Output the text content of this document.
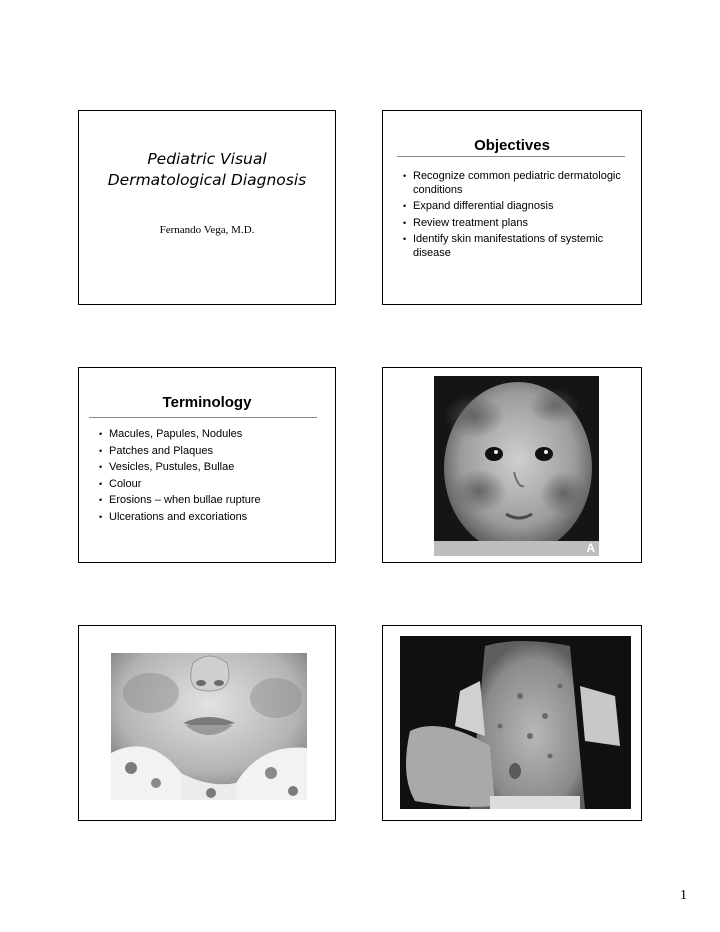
Pediatric Visual
Dermatological Diagnosis
Fernando Vega, M.D.
Objectives
• Recognize common pediatric dermatologic conditions
• Expand differential diagnosis
• Review treatment plans
• Identify skin manifestations of systemic disease
Terminology
• Macules, Papules, Nodules
• Patches and Plaques
• Vesicles, Pustules, Bullae
• Colour
• Erosions – when bullae rupture
• Ulcerations and excoriations
A
1
